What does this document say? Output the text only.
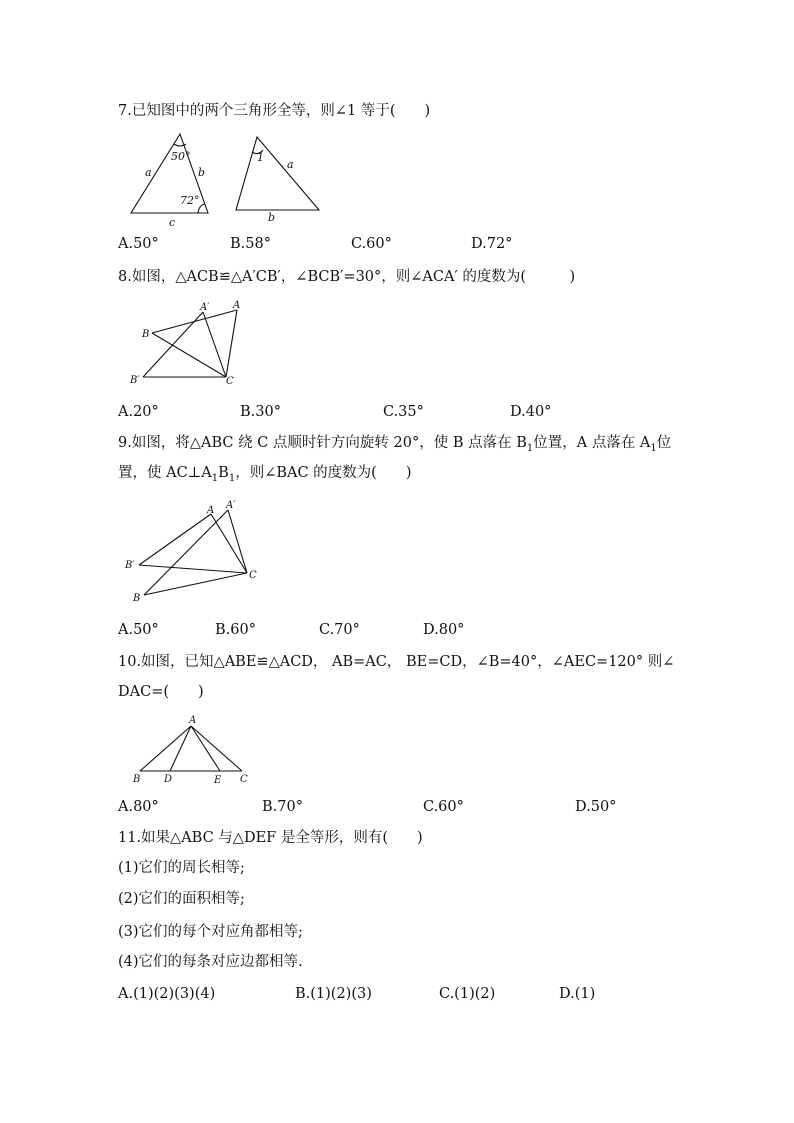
7.已知图中的两个三角形全等，则∠1 等于(　　)
50°
72°
a	b
c
1
a
b
A.50°	B.58°	C.60°	D.72°
8.如图，△ACB≌△A′CB′，∠BCB′=30°，则∠ACA′ 的度数为(　　　)
A′ A
B
B′	C
A.20°	B.30°	C.35°	D.40°
9.如图，将△ABC 绕 C 点顺时针方向旋转 20°，使 B 点落在 $B_1$位置，A 点落在 $A_1$位
置，使 $AC\perp A_1B_1$，则∠BAC 的度数为(　　)
A A′
B′
B
C
A.50°	B.60°	C.70°	D.80°
10.如图，已知△ABE≌△ACD， AB=AC， BE=CD，∠B=40°，∠AEC=120° 则∠
DAC=(　　)
A
B D	E C
A.80°	B.70°	C.60°	D.50°
11.如果△ABC 与△DEF 是全等形，则有(　　)
(1)它们的周长相等;
(2)它们的面积相等;
(3)它们的每个对应角都相等;
(4)它们的每条对应边都相等.
A.(1)(2)(3)(4)	B.(1)(2)(3)	C.(1)(2)	D.(1)
